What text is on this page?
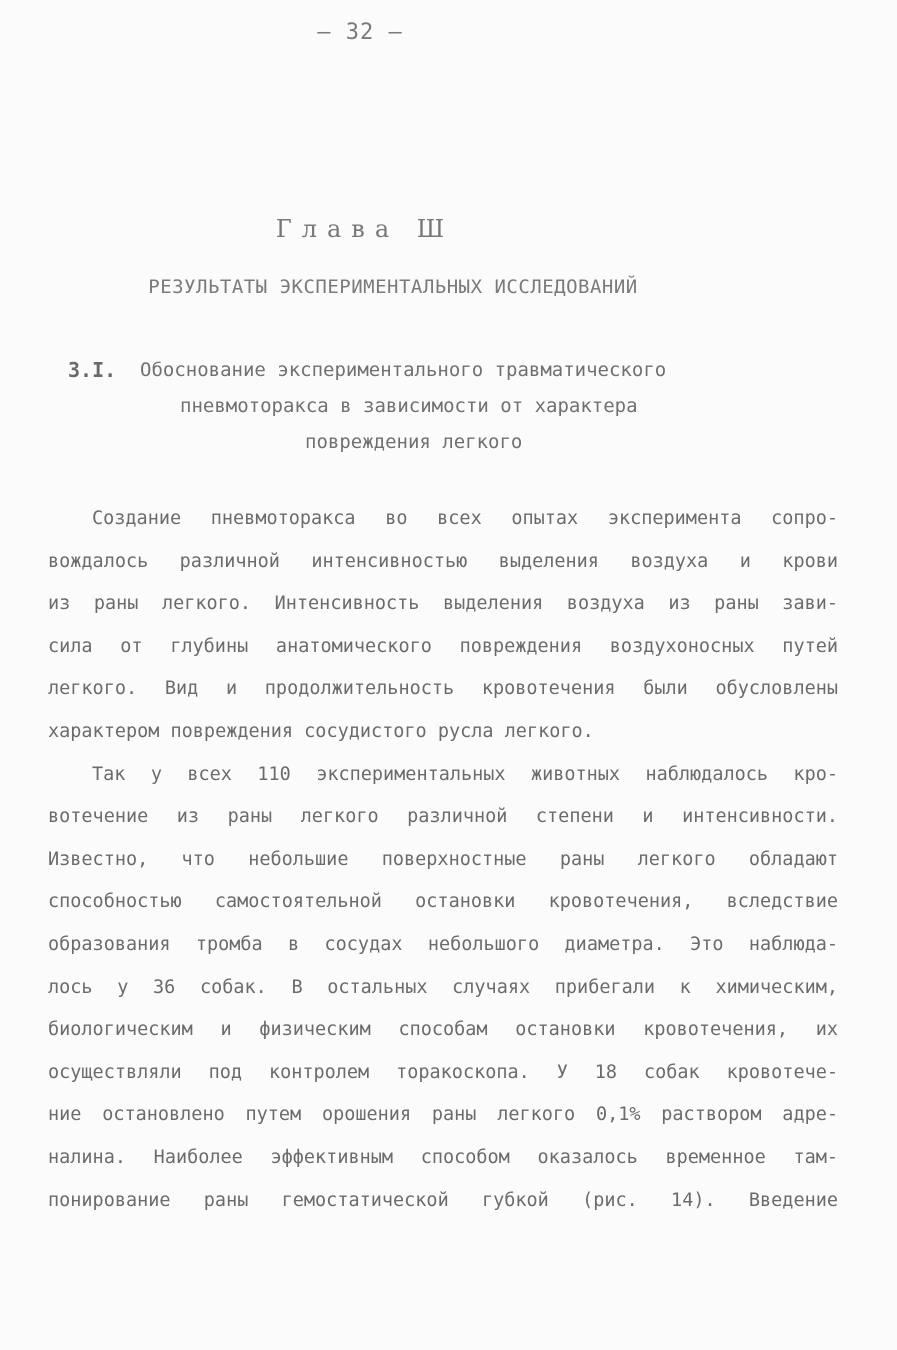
– 32 –
Глава Ш
РЕЗУЛЬТАТЫ ЭКСПЕРИМЕНТАЛЬНЫХ ИССЛЕДОВАНИЙ
3.I. Обоснование экспериментального травматического
пневмоторакса в зависимости от характера
повреждения легкого
Создание пневмоторакса во всех опытах эксперимента сопро-
вождалось различной интенсивностью выделения воздуха и крови
из раны легкого. Интенсивность выделения воздуха из раны зави-
сила от глубины анатомического повреждения воздухоносных путей
легкого. Вид и продолжительность кровотечения были обусловлены
характером повреждения сосудистого русла легкого.
Так у всех 110 экспериментальных животных наблюдалось кро-
вотечение из раны легкого различной степени и интенсивности.
Известно, что небольшие поверхностные раны легкого обладают
способностью самостоятельной остановки кровотечения, вследствие
образования тромба в сосудах небольшого диаметра. Это наблюда-
лось у 36 собак. В остальных случаях прибегали к химическим,
биологическим и физическим способам остановки кровотечения, их
осуществляли под контролем торакоскопа. У 18 собак кровотече-
ние остановлено путем орошения раны легкого 0,1% раствором адре-
налина. Наиболее эффективным способом оказалось временное там-
понирование раны гемостатической губкой (рис. 14). Введение
